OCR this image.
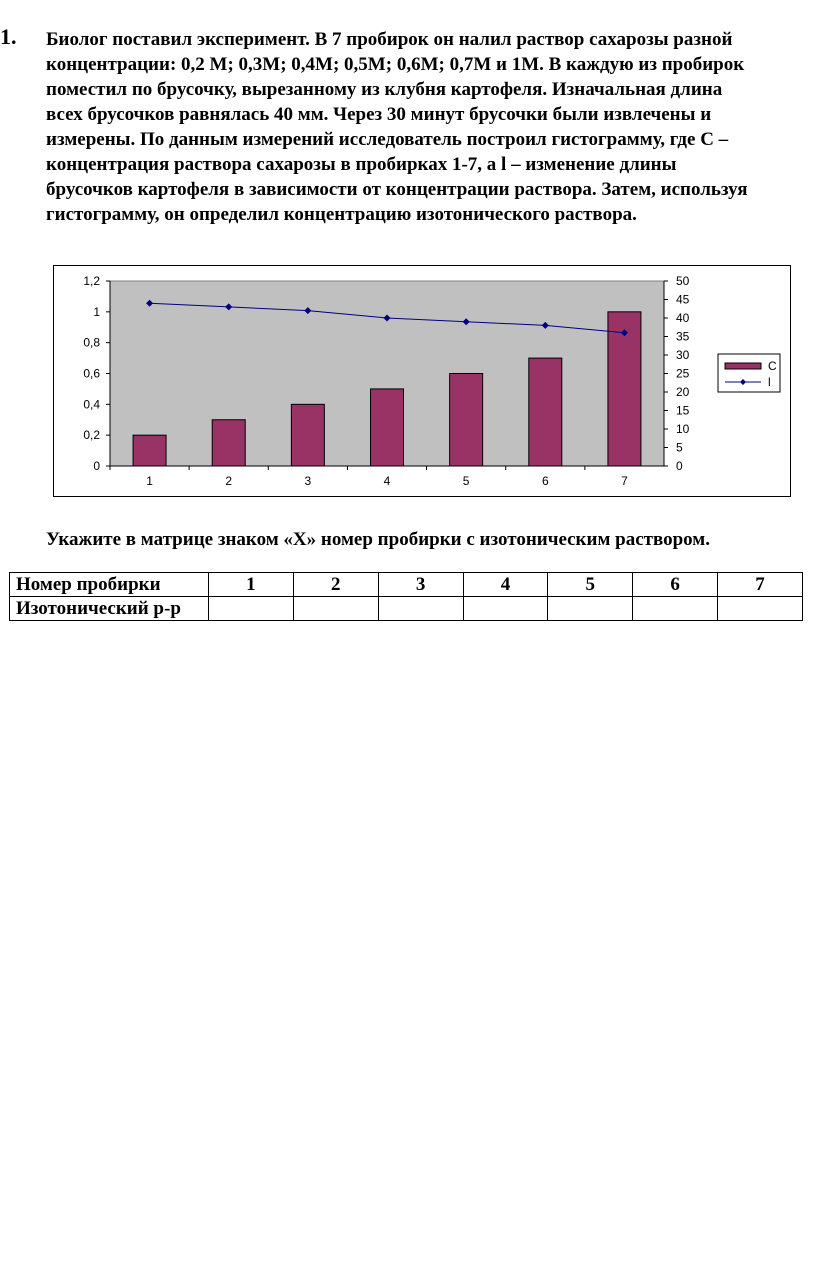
1. Биолог поставил эксперимент. В 7 пробирок он налил раствор сахарозы разной
концентрации: 0,2 М; 0,3М; 0,4М; 0,5М; 0,6М; 0,7М и 1М. В каждую из пробирок
поместил по брусочку, вырезанному из клубня картофеля. Изначальная длина
всех брусочков равнялась 40 мм. Через 30 минут брусочки были извлечены и
измерены. По данным измерений исследователь построил гистограмму, где С –
концентрация раствора сахарозы в пробирках 1-7, а l – изменение длины
брусочков картофеля в зависимости от концентрации раствора. Затем, используя
гистограмму, он определил концентрацию изотонического раствора.
0
0,2
0,4
0,6
0,8
1
1,2
0
5
10
15
20
25
30
35
40
45
50
1	2	3	4	5	6	7
С
l

Укажите в матрице знаком «Х» номер пробирки с изотоническим раствором.

Номер пробирки	1	2	3	4	5	6	7
Изотонический р-р							
